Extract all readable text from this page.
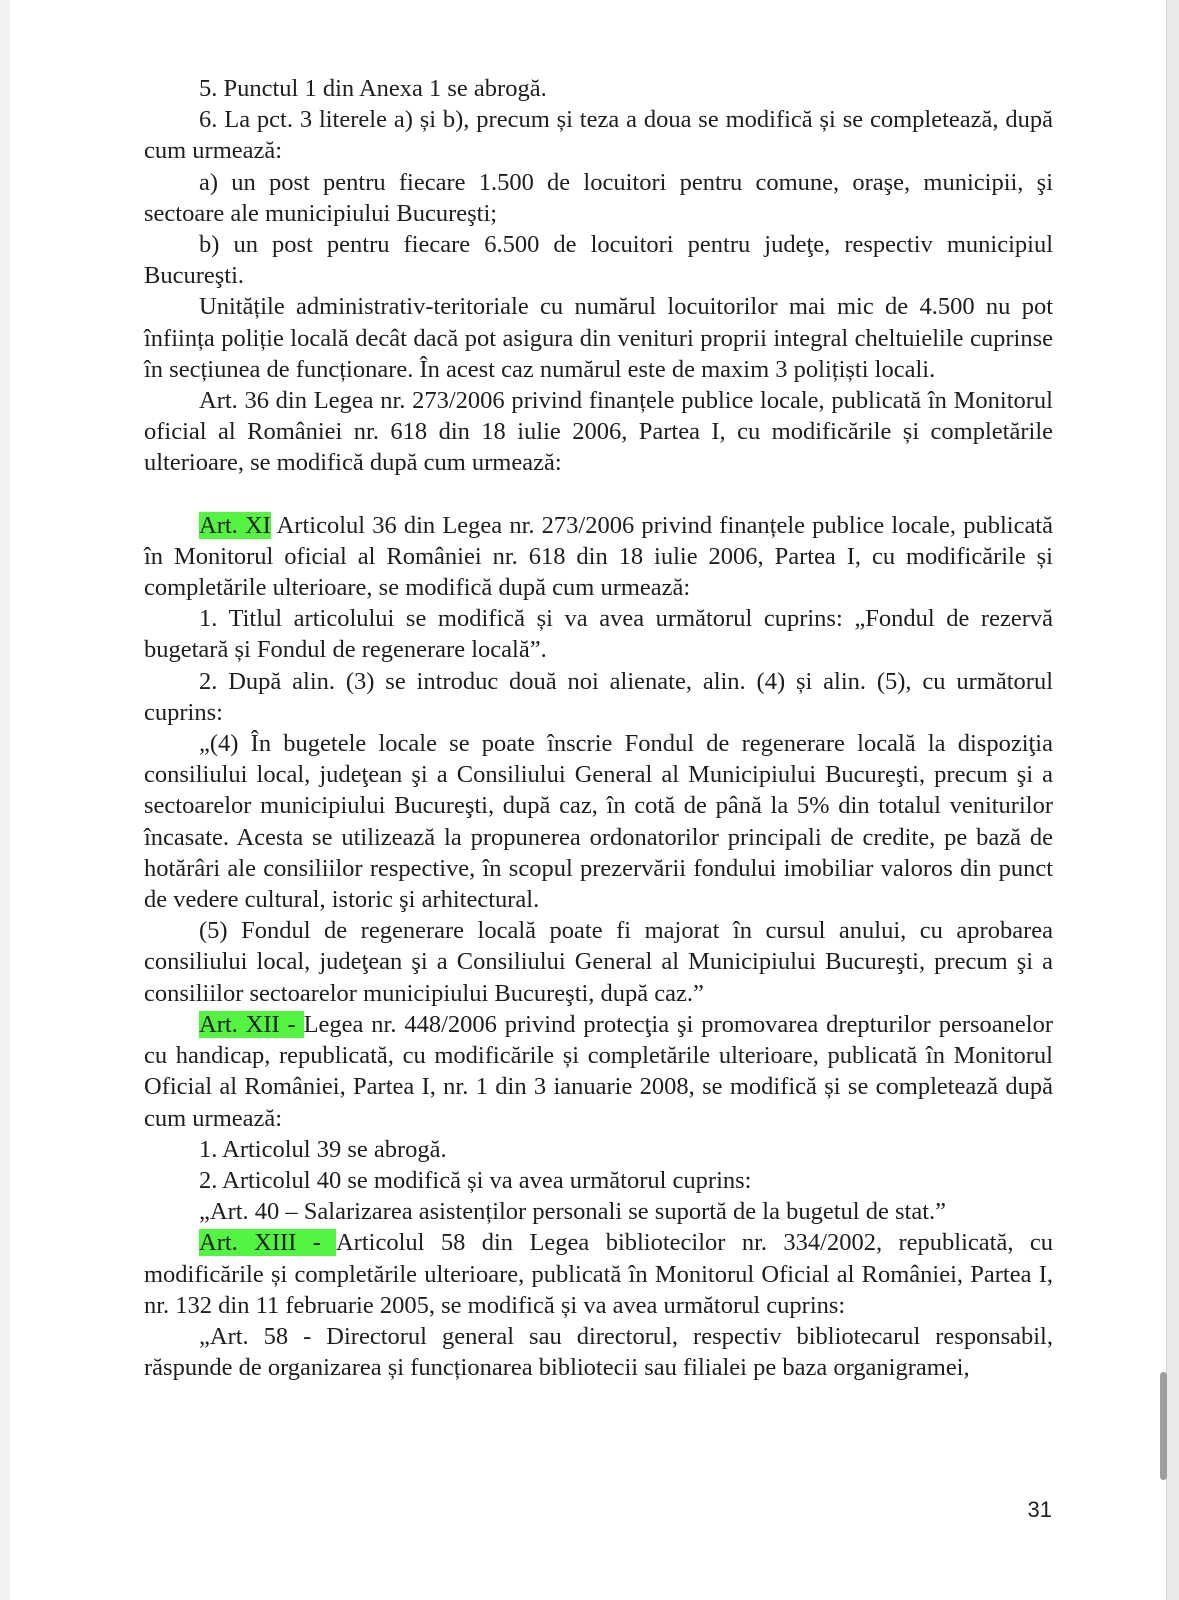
5. Punctul 1 din Anexa 1 se abrogă.

6. La pct. 3 literele a) și b), precum și teza a doua se modifică și se completează, după cum urmează:

a) un post pentru fiecare 1.500 de locuitori pentru comune, oraşe, municipii, şi sectoare ale municipiului Bucureşti;

b) un post pentru fiecare 6.500 de locuitori pentru judeţe, respectiv municipiul Bucureşti.

Unitățile administrativ-teritoriale cu numărul locuitorilor mai mic de 4.500 nu pot înființa poliție locală decât dacă pot asigura din venituri proprii integral cheltuielile cuprinse în secțiunea de funcționare. În acest caz numărul este de maxim 3 polițiști locali.

Art. 36 din Legea nr. 273/2006 privind finanțele publice locale, publicată în Monitorul oficial al României nr. 618 din 18 iulie 2006, Partea I, cu modificările și completările ulterioare, se modifică după cum urmează:

Art. XI Articolul 36 din Legea nr. 273/2006 privind finanțele publice locale, publicată în Monitorul oficial al României nr. 618 din 18 iulie 2006, Partea I, cu modificările și completările ulterioare, se modifică după cum urmează:

1. Titlul articolului se modifică și va avea următorul cuprins: „Fondul de rezervă bugetară și Fondul de regenerare locală”.

2. După alin. (3) se introduc două noi alienate, alin. (4) și alin. (5), cu următorul cuprins:

„(4) În bugetele locale se poate înscrie Fondul de regenerare locală la dispoziţia consiliului local, judeţean şi a Consiliului General al Municipiului Bucureşti, precum şi a sectoarelor municipiului Bucureşti, după caz, în cotă de până la 5% din totalul veniturilor încasate. Acesta se utilizează la propunerea ordonatorilor principali de credite, pe bază de hotărâri ale consiliilor respective, în scopul prezervării fondului imobiliar valoros din punct de vedere cultural, istoric şi arhitectural.

(5) Fondul de regenerare locală poate fi majorat în cursul anului, cu aprobarea consiliului local, judeţean şi a Consiliului General al Municipiului Bucureşti, precum şi a consiliilor sectoarelor municipiului Bucureşti, după caz.”

Art. XII - Legea nr. 448/2006 privind protecţia şi promovarea drepturilor persoanelor cu handicap, republicată, cu modificările și completările ulterioare, publicată în Monitorul Oficial al României, Partea I, nr. 1 din 3 ianuarie 2008, se modifică și se completează după cum urmează:

1. Articolul 39 se abrogă.

2. Articolul 40 se modifică și va avea următorul cuprins:

„Art. 40 – Salarizarea asistenților personali se suportă de la bugetul de stat.”

Art. XIII - Articolul 58 din Legea bibliotecilor nr. 334/2002, republicată, cu modificările și completările ulterioare, publicată în Monitorul Oficial al României, Partea I, nr. 132 din 11 februarie 2005, se modifică și va avea următorul cuprins:

„Art. 58 - Directorul general sau directorul, respectiv bibliotecarul responsabil, răspunde de organizarea și funcționarea bibliotecii sau filialei pe baza organigramei,

31
